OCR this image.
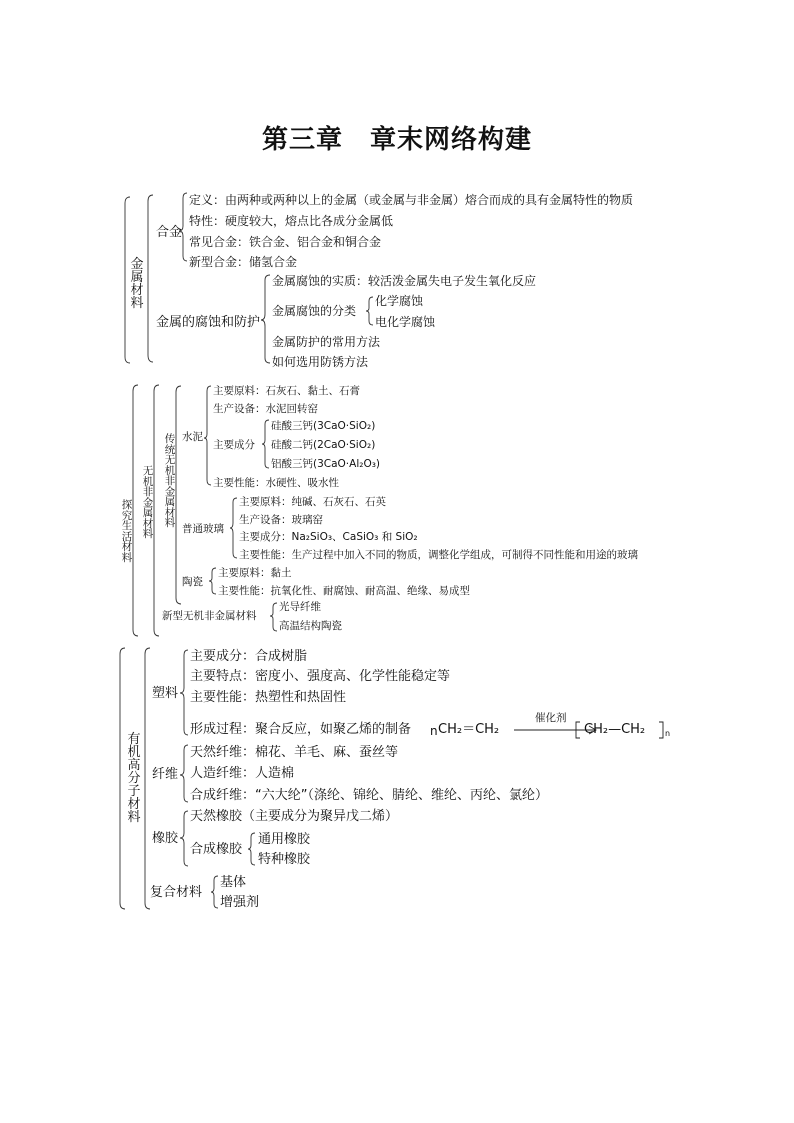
第三章　章末网络构建
金
属
材
料
合金
定义：由两种或两种以上的金属（或金属与非金属）熔合而成的具有金属特性的物质
特性：硬度较大，熔点比各成分金属低
常见合金：铁合金、铝合金和铜合金
新型合金：储氢合金
金属的腐蚀和防护
金属腐蚀的实质：较活泼金属失电子发生氧化反应
金属腐蚀的分类
化学腐蚀
电化学腐蚀
金属防护的常用方法
如何选用防锈方法
探
究
生
活
材
料
无
机
非
金
属
材
料
传
统
无
机
非
金
属
材
料
水泥
主要原料：石灰石、黏土、石膏
生产设备：水泥回转窑
主要成分
硅酸三钙(3CaO·SiO₂)
硅酸二钙(2CaO·SiO₂)
铝酸三钙(3CaO·Al₂O₃)
主要性能：水硬性、吸水性
普通玻璃
主要原料：纯碱、石灰石、石英
生产设备：玻璃窑
主要成分：Na₂SiO₃、CaSiO₃ 和 SiO₂
主要性能：生产过程中加入不同的物质，调整化学组成，可制得不同性能和用途的玻璃
陶瓷
主要原料：黏土
主要性能：抗氧化性、耐腐蚀、耐高温、绝缘、易成型
新型无机非金属材料
光导纤维
高温结构陶瓷
有
机
高
分
子
材
料
塑料
主要成分：合成树脂
主要特点：密度小、强度高、化学性能稳定等
主要性能：热塑性和热固性
形成过程：聚合反应，如聚乙烯的制备 n CH₂＝CH₂
催化剂
CH₂—CH₂ n
纤维
天然纤维：棉花、羊毛、麻、蚕丝等
人造纤维：人造棉
合成纤维：“六大纶”（涤纶、锦纶、腈纶、维纶、丙纶、氯纶）
橡胶
天然橡胶（主要成分为聚异戊二烯）
合成橡胶
通用橡胶
特种橡胶
复合材料
基体
增强剂
